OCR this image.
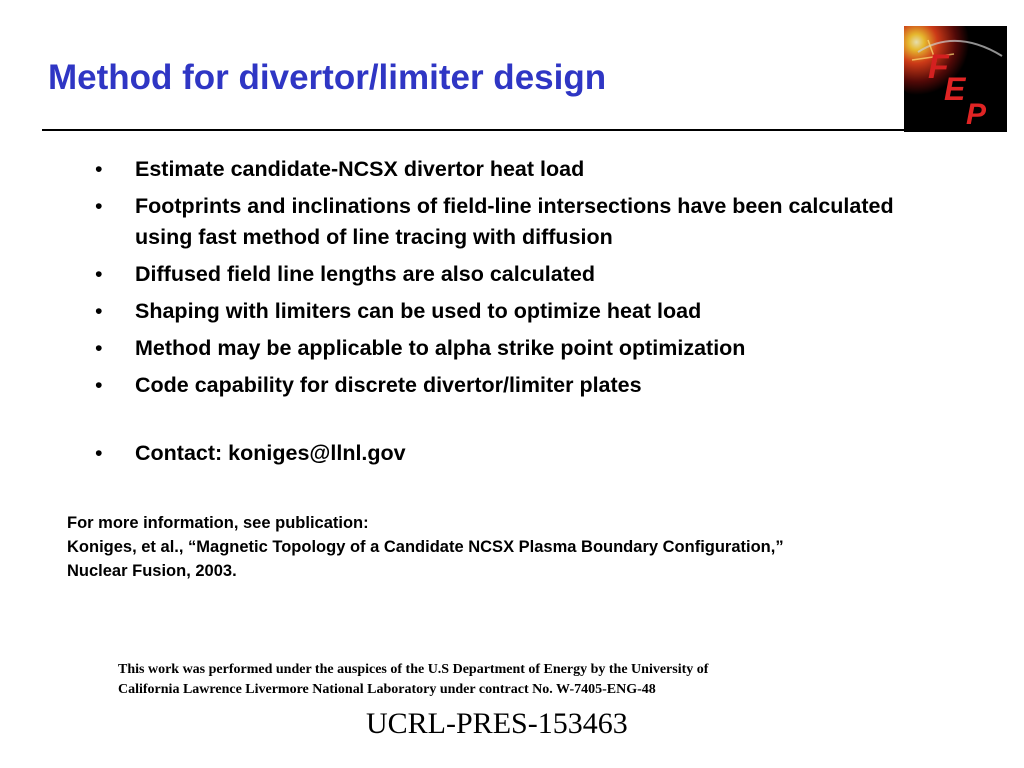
Method for divertor/limiter design	F
E
P
• Estimate candidate-NCSX divertor heat load
• Footprints and inclinations of field-line intersections have been calculated using fast method of line tracing with diffusion
• Diffused field line lengths are also calculated
• Shaping with limiters can be used to optimize heat load
• Method may be applicable to alpha strike point optimization
• Code capability for discrete divertor/limiter plates
• Contact: koniges@llnl.gov
For more information, see publication:
Koniges, et al., “Magnetic Topology of a Candidate NCSX Plasma Boundary Configuration,”
Nuclear Fusion, 2003.
This work was performed under the auspices of the U.S Department of Energy by the University of
California Lawrence Livermore National Laboratory under contract No. W-7405-ENG-48
UCRL-PRES-153463
